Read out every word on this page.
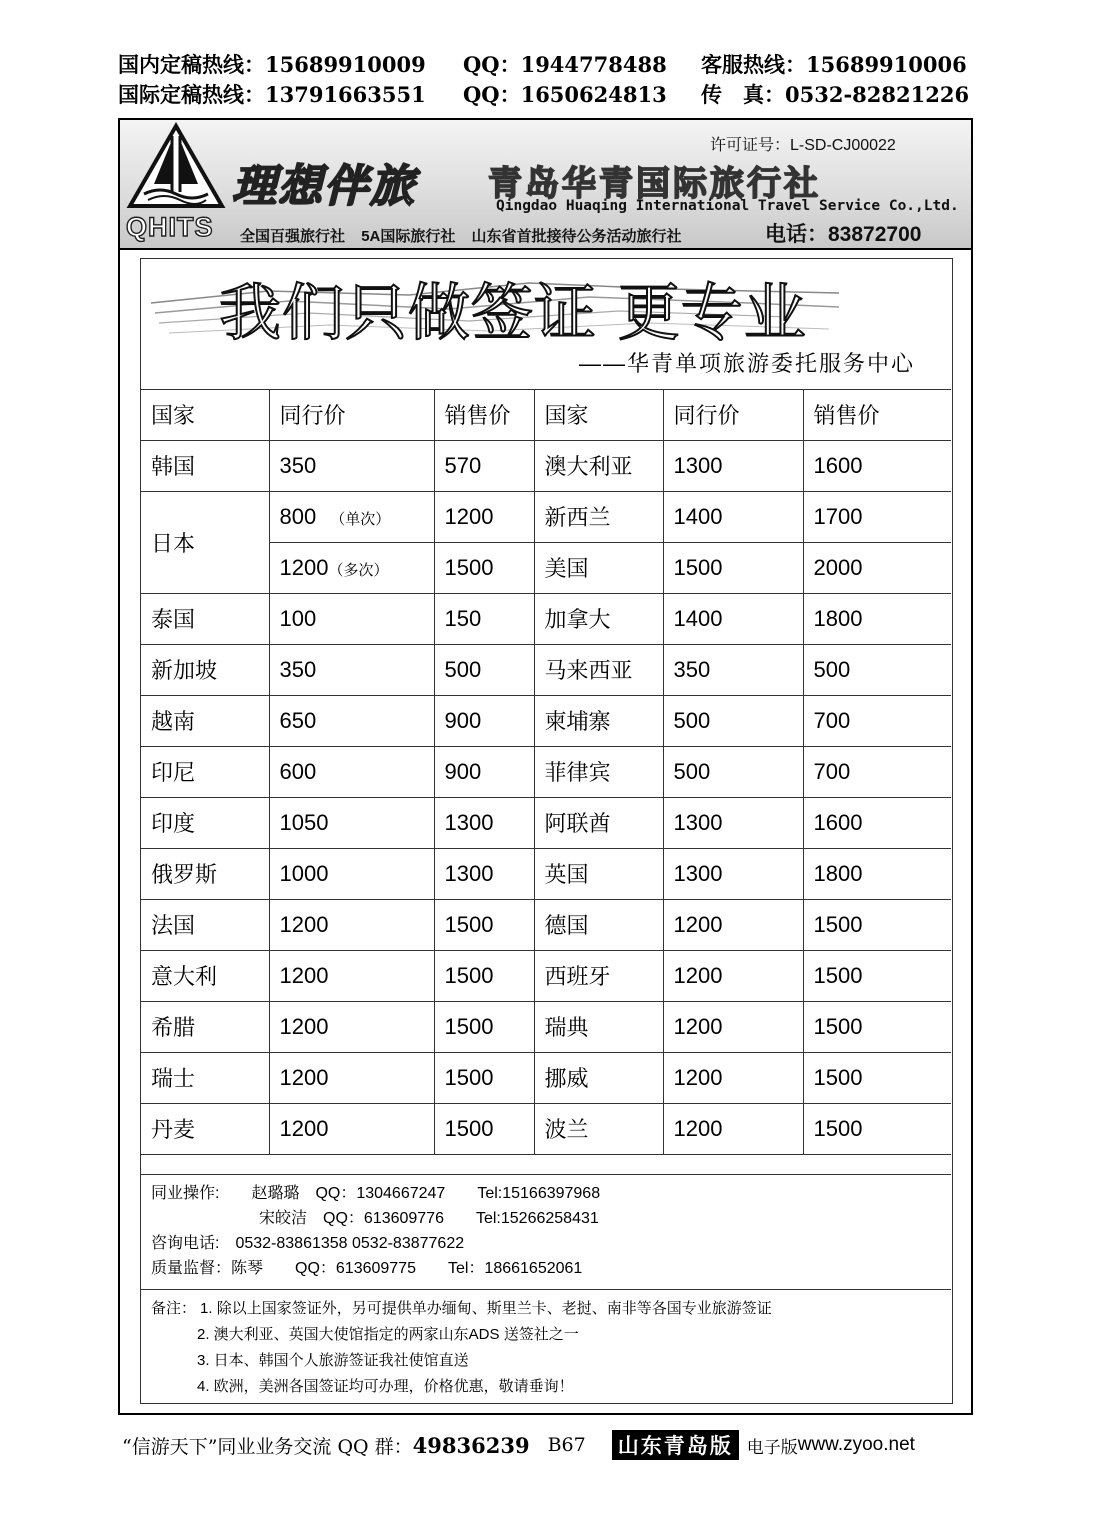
国内定稿热线：15689910009	QQ：1944778488	客服热线：15689910006
国际定稿热线：13791663551	QQ：1650624813	传　真：0532-82821226
QHITS
理想伴旅
许可证号：L-SD-CJ00022
青岛华青国际旅行社
Qingdao Huaqing International Travel Service Co.,Ltd.
全国百强旅行社 5A国际旅行社 山东省首批接待公务活动旅行社	电话：83872700
我们只做签证 更专业
——华青单项旅游委托服务中心
国家	同行价	销售价	国家	同行价	销售价
韩国	350	570	澳大利亚	1300	1600
日本	800 （单次）	1200	新西兰	1400	1700
	1200（多次）	1500	美国	1500	2000
泰国	100	150	加拿大	1400	1800
新加坡	350	500	马来西亚	350	500
越南	650	900	柬埔寨	500	700
印尼	600	900	菲律宾	500	700
印度	1050	1300	阿联酋	1300	1600
俄罗斯	1000	1300	英国	1300	1800
法国	1200	1500	德国	1200	1500
意大利	1200	1500	西班牙	1200	1500
希腊	1200	1500	瑞典	1200	1500
瑞士	1200	1500	挪威	1200	1500
丹麦	1200	1500	波兰	1200	1500
同业操作:　　赵璐璐　QQ：1304667247　　Tel:15166397968
宋皎洁　QQ：613609776　　Tel:15266258431
咨询电话:　0532-83861358 0532-83877622
质量监督：陈琴　　QQ：613609775　　Tel：18661652061
备注： 1. 除以上国家签证外，另可提供单办缅甸、斯里兰卡、老挝、南非等各国专业旅游签证
2. 澳大利亚、英国大使馆指定的两家山东ADS 送签社之一
3. 日本、韩国个人旅游签证我社使馆直送
4. 欧洲，美洲各国签证均可办理，价格优惠，敬请垂询！
“信游天下”同业业务交流 QQ 群： 49836239 B67 山东青岛版 电子版 www.zyoo.net
